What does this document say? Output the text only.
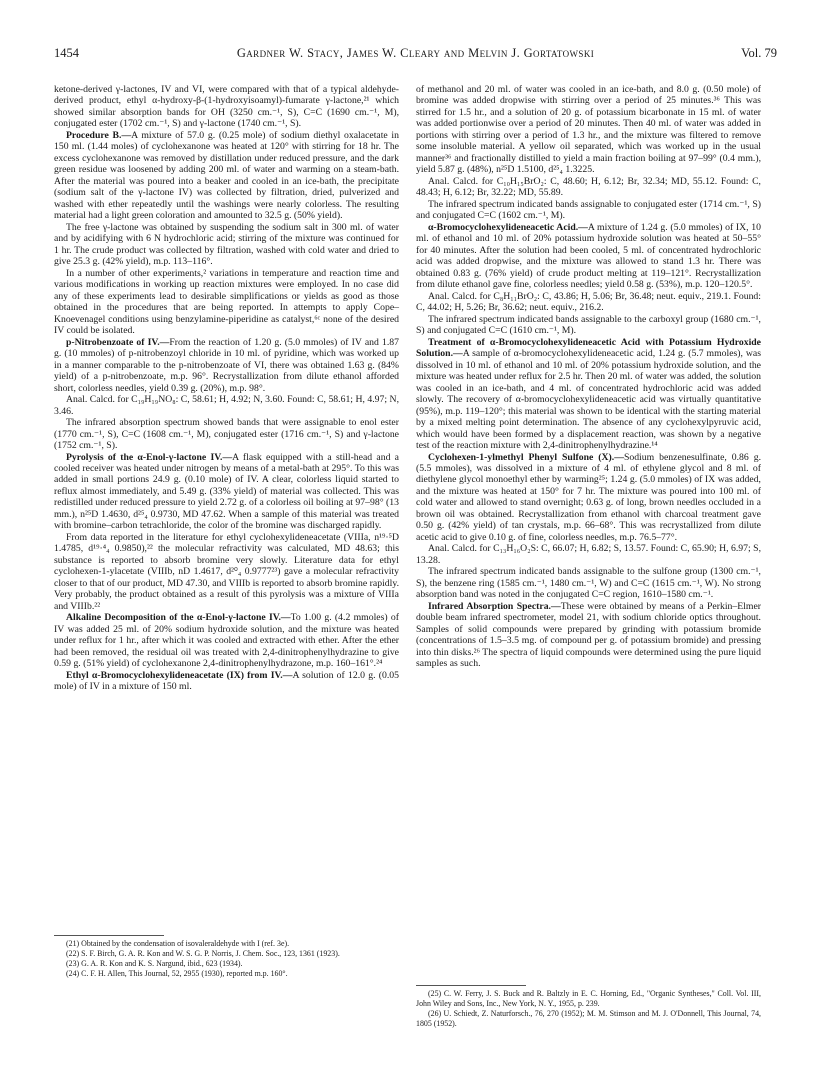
1454	Gardner W. Stacy, James W. Cleary and Melvin J. Gortatowski	Vol. 79

ketone-derived γ-lactones, IV and VI, were compared with that of a typical aldehyde-derived product, ethyl α-hydroxy-β-(1-hydroxyisoamyl)-fumarate γ-lactone,²¹ which showed similar absorption bands for OH (3250 cm.⁻¹, S), C=C (1690 cm.⁻¹, M), conjugated ester (1702 cm.⁻¹, S) and γ-lactone (1740 cm.⁻¹, S).

Procedure B.—A mixture of 57.0 g. (0.25 mole) of sodium diethyl oxalacetate in 150 ml. (1.44 moles) of cyclohexanone was heated at 120° with stirring for 18 hr. The excess cyclohexanone was removed by distillation under reduced pressure, and the dark green residue was loosened by adding 200 ml. of water and warming on a steam-bath. After the material was poured into a beaker and cooled in an ice-bath, the precipitate (sodium salt of the γ-lactone IV) was collected by filtration, dried, pulverized and washed with ether repeatedly until the washings were nearly colorless. The resulting material had a light green coloration and amounted to 32.5 g. (50% yield).

The free γ-lactone was obtained by suspending the sodium salt in 300 ml. of water and by acidifying with 6 N hydrochloric acid; stirring of the mixture was continued for 1 hr. The crude product was collected by filtration, washed with cold water and dried to give 25.3 g. (42% yield), m.p. 113–116°.

In a number of other experiments,² variations in temperature and reaction time and various modifications in working up reaction mixtures were employed. In no case did any of these experiments lead to desirable simplifications or yields as good as those obtained in the procedures that are being reported. In attempts to apply Cope–Knoevenagel conditions using benzylamine-piperidine as catalyst,⁶ᶜ none of the desired IV could be isolated.

p-Nitrobenzoate of IV.—From the reaction of 1.20 g. (5.0 mmoles) of IV and 1.87 g. (10 mmoles) of p-nitrobenzoyl chloride in 10 ml. of pyridine, which was worked up in a manner comparable to the p-nitrobenzoate of VI, there was obtained 1.63 g. (84% yield) of a p-nitrobenzoate, m.p. 96°. Recrystallization from dilute ethanol afforded short, colorless needles, yield 0.39 g. (20%), m.p. 98°.

Anal. Calcd. for C₁₉H₁₉NO₈: C, 58.61; H, 4.92; N, 3.60. Found: C, 58.61; H, 4.97; N, 3.46.

The infrared absorption spectrum showed bands that were assignable to enol ester (1770 cm.⁻¹, S), C=C (1608 cm.⁻¹, M), conjugated ester (1716 cm.⁻¹, S) and γ-lactone (1752 cm.⁻¹, S).

Pyrolysis of the α-Enol-γ-lactone IV.—A flask equipped with a still-head and a cooled receiver was heated under nitrogen by means of a metal-bath at 295°. To this was added in small portions 24.9 g. (0.10 mole) of IV. A clear, colorless liquid started to reflux almost immediately, and 5.49 g. (33% yield) of material was collected. This was redistilled under reduced pressure to yield 2.72 g. of a colorless oil boiling at 97–98° (13 mm.), n²⁵D 1.4630, d²⁵₄ 0.9730, MD 47.62. When a sample of this material was treated with bromine–carbon tetrachloride, the color of the bromine was discharged rapidly.

From data reported in the literature for ethyl cyclohexylideneacetate (VIIIa, n¹⁹·⁵D 1.4785, d¹⁹·⁴₄ 0.9850),²² the molecular refractivity was calculated, MD 48.63; this substance is reported to absorb bromine very slowly. Literature data for ethyl cyclohexen-1-ylacetate (VIIIb, nD 1.4617, d²⁰₄ 0.9777²³) gave a molecular refractivity closer to that of our product, MD 47.30, and VIIIb is reported to absorb bromine rapidly. Very probably, the product obtained as a result of this pyrolysis was a mixture of VIIIa and VIIIb.²²

Alkaline Decomposition of the α-Enol-γ-lactone IV.—To 1.00 g. (4.2 mmoles) of IV was added 25 ml. of 20% sodium hydroxide solution, and the mixture was heated under reflux for 1 hr., after which it was cooled and extracted with ether. After the ether had been removed, the residual oil was treated with 2,4-dinitrophenylhydrazine to give 0.59 g. (51% yield) of cyclohexanone 2,4-dinitrophenylhydrazone, m.p. 160–161°.²⁴

Ethyl α-Bromocyclohexylideneacetate (IX) from IV.—A solution of 12.0 g. (0.05 mole) of IV in a mixture of 150 ml.

of methanol and 20 ml. of water was cooled in an ice-bath, and 8.0 g. (0.50 mole) of bromine was added dropwise with stirring over a period of 25 minutes.³⁶ This was stirred for 1.5 hr., and a solution of 20 g. of potassium bicarbonate in 15 ml. of water was added portionwise over a period of 20 minutes. Then 40 ml. of water was added in portions with stirring over a period of 1.3 hr., and the mixture was filtered to remove some insoluble material. A yellow oil separated, which was worked up in the usual manner³⁶ and fractionally distilled to yield a main fraction boiling at 97–99° (0.4 mm.), yield 5.87 g. (48%), n²⁵D 1.5100, d²⁵₄ 1.3225.

Anal. Calcd. for C₁₀H₁₅BrO₂: C, 48.60; H, 6.12; Br, 32.34; MD, 55.12. Found: C, 48.43; H, 6.12; Br, 32.22; MD, 55.89.

The infrared spectrum indicated bands assignable to conjugated ester (1714 cm.⁻¹, S) and conjugated C=C (1602 cm.⁻¹, M).

α-Bromocyclohexylideneacetic Acid.—A mixture of 1.24 g. (5.0 mmoles) of IX, 10 ml. of ethanol and 10 ml. of 20% potassium hydroxide solution was heated at 50–55° for 40 minutes. After the solution had been cooled, 5 ml. of concentrated hydrochloric acid was added dropwise, and the mixture was allowed to stand 1.3 hr. There was obtained 0.83 g. (76% yield) of crude product melting at 119–121°. Recrystallization from dilute ethanol gave fine, colorless needles; yield 0.58 g. (53%), m.p. 120–120.5°.

Anal. Calcd. for C₈H₁₁BrO₂: C, 43.86; H, 5.06; Br, 36.48; neut. equiv., 219.1. Found: C, 44.02; H, 5.26; Br, 36.62; neut. equiv., 216.2.

The infrared spectrum indicated bands assignable to the carboxyl group (1680 cm.⁻¹, S) and conjugated C=C (1610 cm.⁻¹, M).

Treatment of α-Bromocyclohexylideneacetic Acid with Potassium Hydroxide Solution.—A sample of α-bromocyclohexylideneacetic acid, 1.24 g. (5.7 mmoles), was dissolved in 10 ml. of ethanol and 10 ml. of 20% potassium hydroxide solution, and the mixture was heated under reflux for 2.5 hr. Then 20 ml. of water was added, the solution was cooled in an ice-bath, and 4 ml. of concentrated hydrochloric acid was added slowly. The recovery of α-bromocyclohexylideneacetic acid was virtually quantitative (95%), m.p. 119–120°; this material was shown to be identical with the starting material by a mixed melting point determination. The absence of any cyclohexylpyruvic acid, which would have been formed by a displacement reaction, was shown by a negative test of the reaction mixture with 2,4-dinitrophenylhydrazine.¹⁴

Cyclohexen-1-ylmethyl Phenyl Sulfone (X).—Sodium benzenesulfinate, 0.86 g. (5.5 mmoles), was dissolved in a mixture of 4 ml. of ethylene glycol and 8 ml. of diethylene glycol monoethyl ether by warming²⁵; 1.24 g. (5.0 mmoles) of IX was added, and the mixture was heated at 150° for 7 hr. The mixture was poured into 100 ml. of cold water and allowed to stand overnight; 0.63 g. of long, brown needles occluded in a brown oil was obtained. Recrystallization from ethanol with charcoal treatment gave 0.50 g. (42% yield) of tan crystals, m.p. 66–68°. This was recrystallized from dilute acetic acid to give 0.10 g. of fine, colorless needles, m.p. 76.5–77°.

Anal. Calcd. for C₁₃H₁₆O₂S: C, 66.07; H, 6.82; S, 13.57. Found: C, 65.90; H, 6.97; S, 13.28.

The infrared spectrum indicated bands assignable to the sulfone group (1300 cm.⁻¹, S), the benzene ring (1585 cm.⁻¹, 1480 cm.⁻¹, W) and C=C (1615 cm.⁻¹, W). No strong absorption band was noted in the conjugated C=C region, 1610–1580 cm.⁻¹.

Infrared Absorption Spectra.—These were obtained by means of a Perkin–Elmer double beam infrared spectrometer, model 21, with sodium chloride optics throughout. Samples of solid compounds were prepared by grinding with potassium bromide (concentrations of 1.5–3.5 mg. of compound per g. of potassium bromide) and pressing into thin disks.²⁶ The spectra of liquid compounds were determined using the pure liquid samples as such.

(21) Obtained by the condensation of isovaleraldehyde with I (ref. 3e).

(22) S. F. Birch, G. A. R. Kon and W. S. G. P. Norris, J. Chem. Soc., 123, 1361 (1923).

(23) G. A. R. Kon and K. S. Nargund, ibid., 623 (1934).

(24) C. F. H. Allen, This Journal, 52, 2955 (1930), reported m.p. 160°.

(25) C. W. Ferry, J. S. Buck and R. Baltzly in E. C. Horning, Ed., "Organic Syntheses," Coll. Vol. III, John Wiley and Sons, Inc., New York, N. Y., 1955, p. 239.

(26) U. Schiedt, Z. Naturforsch., 76, 270 (1952); M. M. Stimson and M. J. O'Donnell, This Journal, 74, 1805 (1952).
